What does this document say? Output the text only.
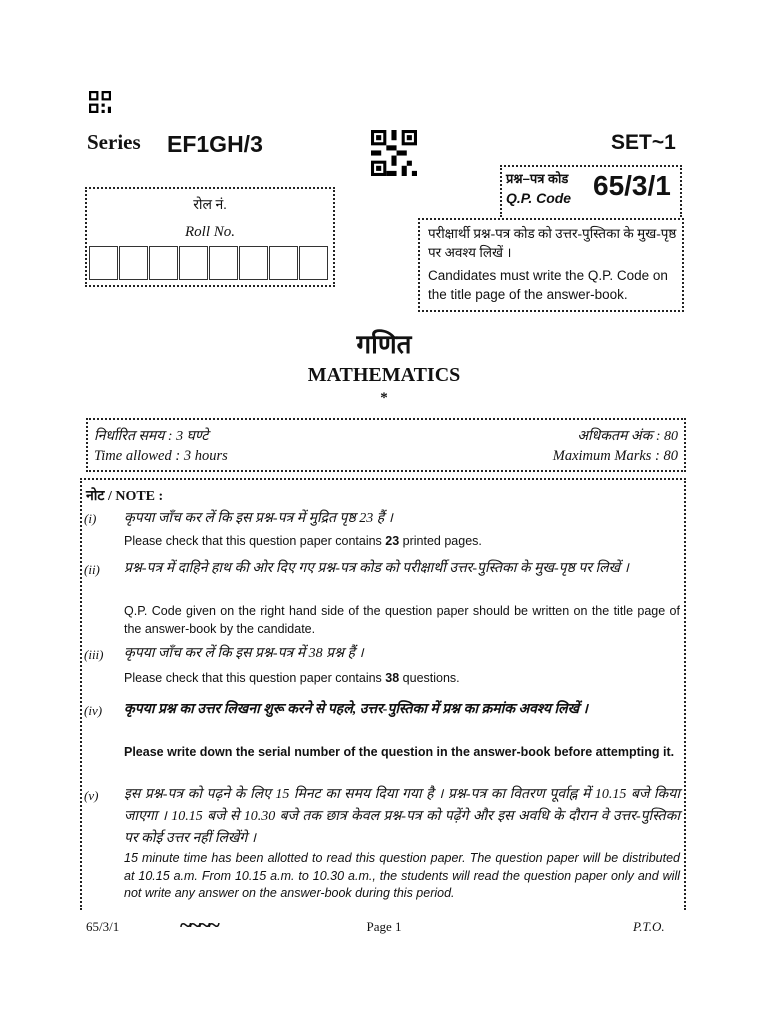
Series EF1GH/3	SET~1
प्रश्न–पत्र कोड
Q.P. Code 65/3/1
रोल नं.
Roll No.	परीक्षार्थी प्रश्न-पत्र कोड को उत्तर-पुस्तिका के मुख-पृष्ठ पर अवश्य लिखें ।
Candidates must write the Q.P. Code on the title page of the answer-book.
गणित
MATHEMATICS
*
निर्धारित समय : 3 घण्टे
Time allowed : 3 hours
अधिकतम अंक : 80
Maximum Marks : 80
नोट / NOTE :
(i) कृपया जाँच कर लें कि इस प्रश्न-पत्र में मुद्रित पृष्ठ 23 हैं ।
Please check that this question paper contains 23 printed pages.
(ii) प्रश्न-पत्र में दाहिने हाथ की ओर दिए गए प्रश्न-पत्र कोड को परीक्षार्थी उत्तर-पुस्तिका के मुख-पृष्ठ पर लिखें ।
Q.P. Code given on the right hand side of the question paper should be written on the title page of the answer-book by the candidate.
(iii) कृपया जाँच कर लें कि इस प्रश्न-पत्र में 38 प्रश्न हैं ।
Please check that this question paper contains 38 questions.
(iv) कृपया प्रश्न का उत्तर लिखना शुरू करने से पहले, उत्तर-पुस्तिका में प्रश्न का क्रमांक अवश्य लिखें ।
Please write down the serial number of the question in the answer-book before attempting it.
(v) इस प्रश्न-पत्र को पढ़ने के लिए 15 मिनट का समय दिया गया है । प्रश्न-पत्र का वितरण पूर्वाह्न में 10.15 बजे किया जाएगा । 10.15 बजे से 10.30 बजे तक छात्र केवल प्रश्न-पत्र को पढ़ेंगे और इस अवधि के दौरान वे उत्तर-पुस्तिका पर कोई उत्तर नहीं लिखेंगे ।
15 minute time has been allotted to read this question paper. The question paper will be distributed at 10.15 a.m. From 10.15 a.m. to 10.30 a.m., the students will read the question paper only and will not write any answer on the answer-book during this period.
65/3/1	~~~~	Page 1	P.T.O.
